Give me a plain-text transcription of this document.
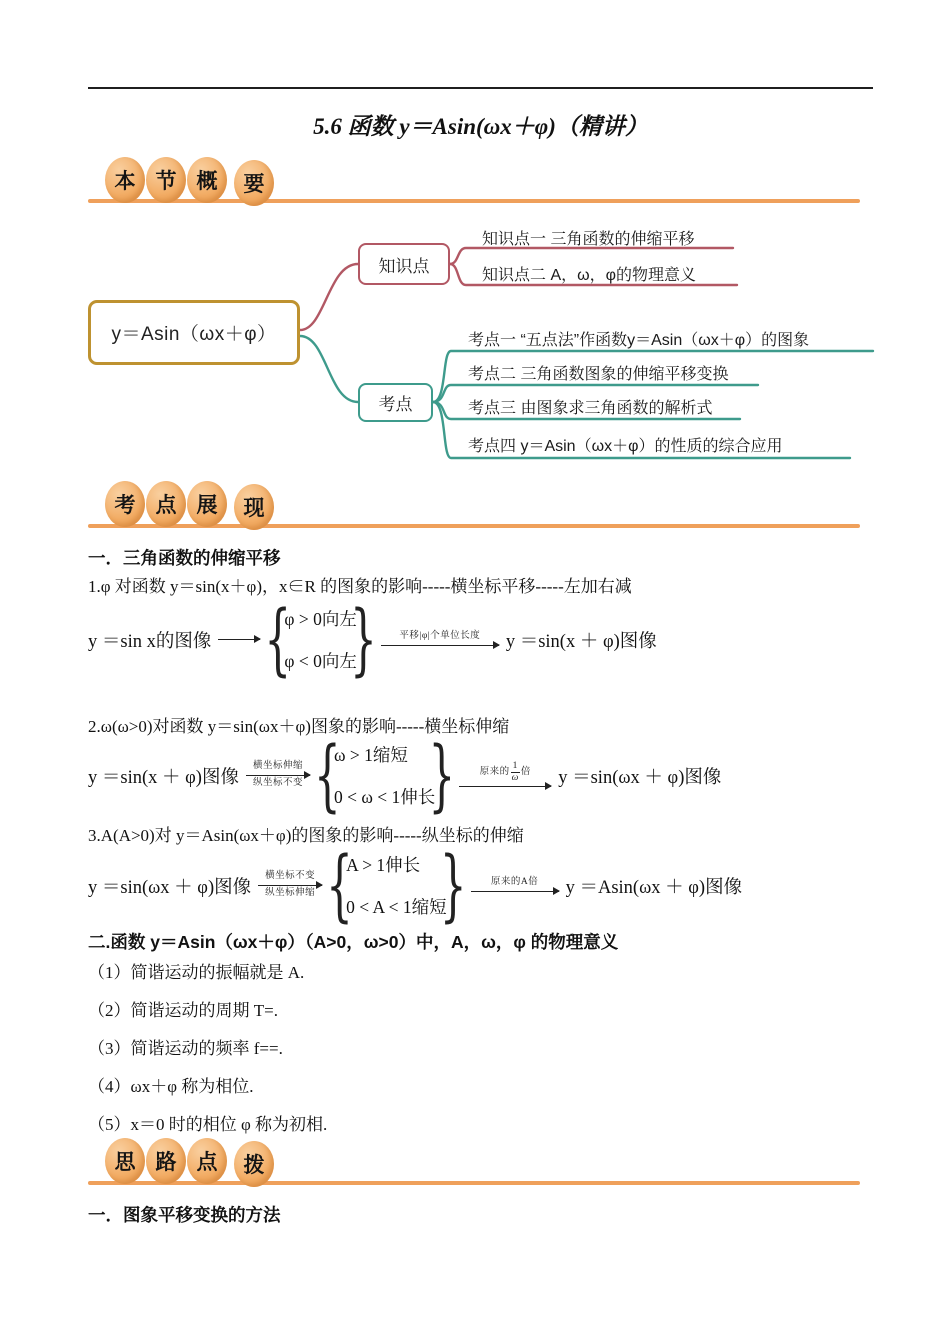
5.6 函数 y＝Asin(ωx＋φ)（精讲）
本 节 概	要
y＝Asin（ωx＋φ）
知识点
考点
知识点一 三角函数的伸缩平移
知识点二 A，ω，φ的物理意义
考点一 “五点法”作函数y＝Asin（ωx＋φ）的图象
考点二 三角函数图象的伸缩平移变换
考点三 由图象求三角函数的解析式
考点四 y＝Asin（ωx＋φ）的性质的综合应用
考 点 展	现
一．三角函数的伸缩平移
1.φ 对函数 y＝sin(x＋φ)，x∈R 的图象的影响-----横坐标平移-----左加右减
y ＝sin x的图像
{ φ > 0向左
φ < 0向左
}
平移|φ|个单位长度 y ＝sin(x ＋ φ)图像
2.ω(ω>0)对函数 y＝sin(ωx＋φ)图象的影响-----横坐标伸缩
y ＝sin(x ＋ φ)图像
横坐标伸缩
纵坐标不变
{ ω > 1缩短
0 < ω < 1伸长
}
原来的 $\frac{1}{\omega}$ 倍 y ＝sin(ωx ＋ φ)图像
3.A(A>0)对 y＝Asin(ωx＋φ)的图象的影响-----纵坐标的伸缩
y ＝sin(ωx ＋ φ)图像
横坐标不变
纵坐标伸缩
{ A > 1伸长
0 < A < 1缩短
}
原来的A倍 y ＝Asin(ωx ＋ φ)图像
二.函数 y＝Asin（ωx＋φ）（A>0，ω>0）中，A，ω，φ 的物理意义
（1）简谐运动的振幅就是 A.
（2）简谐运动的周期 T=.
（3）简谐运动的频率 f==.
（4）ωx＋φ 称为相位.
（5）x＝0 时的相位 φ 称为初相.
思 路 点	拨
一．图象平移变换的方法
